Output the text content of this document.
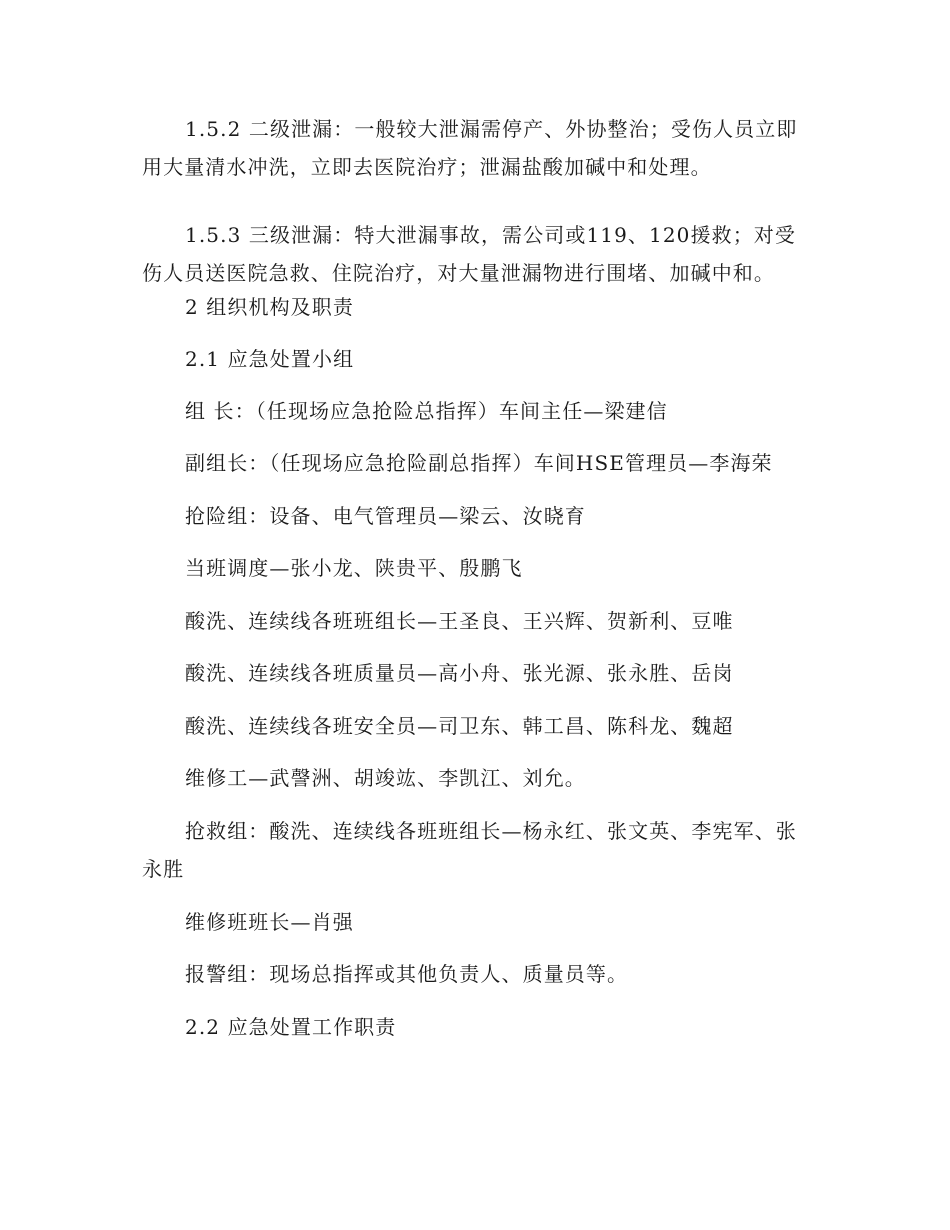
1.5.2 二级泄漏：一般较大泄漏需停产、外协整治；受伤人员立即用大量清水冲洗，立即去医院治疗；泄漏盐酸加碱中和处理。

1.5.3 三级泄漏：特大泄漏事故，需公司或119、120援救；对受伤人员送医院急救、住院治疗，对大量泄漏物进行围堵、加碱中和。

2 组织机构及职责

2.1 应急处置小组

组 长：（任现场应急抢险总指挥）车间主任—梁建信

副组长：（任现场应急抢险副总指挥）车间HSE管理员—李海荣

抢险组：设备、电气管理员—梁云、汝晓育

当班调度—张小龙、陕贵平、殷鹏飞

酸洗、连续线各班班组长—王圣良、王兴辉、贺新利、豆唯

酸洗、连续线各班质量员—高小舟、张光源、张永胜、岳岗

酸洗、连续线各班安全员—司卫东、韩工昌、陈科龙、魏超

维修工—武謦洲、胡竣竑、李凯江、刘允。

抢救组：酸洗、连续线各班班组长—杨永红、张文英、李宪军、张永胜

维修班班长—肖强

报警组：现场总指挥或其他负责人、质量员等。

2.2 应急处置工作职责
